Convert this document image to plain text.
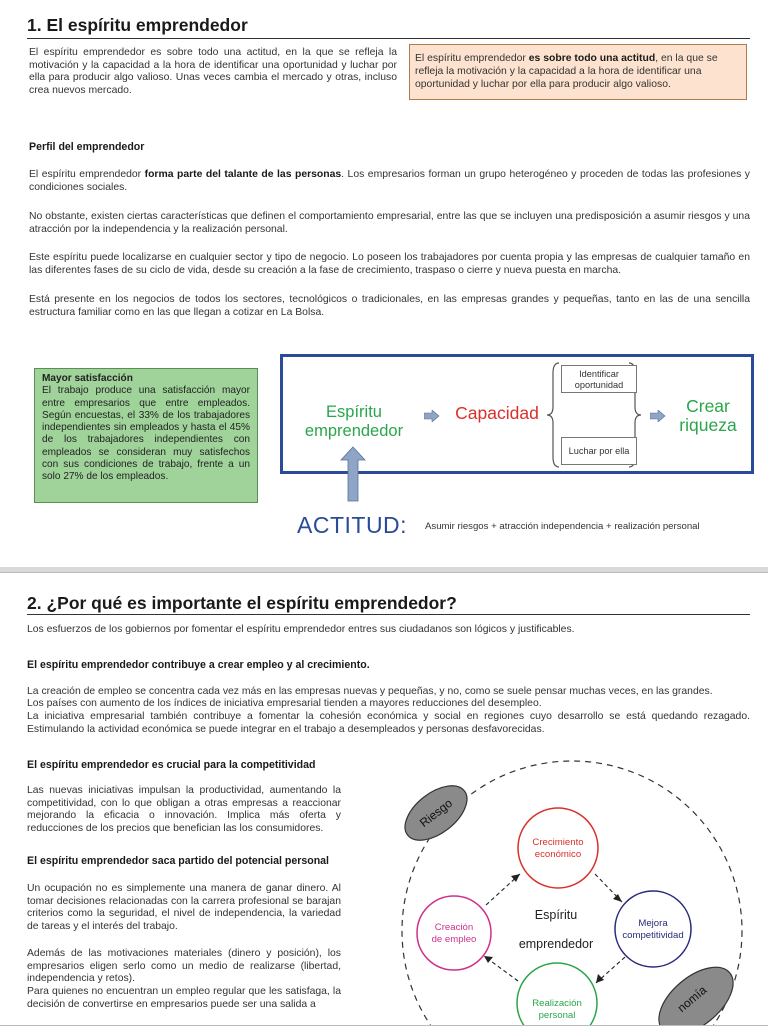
1. El espíritu emprendedor

El espíritu emprendedor es sobre todo una actitud, en la que se refleja la motivación y la capacidad a la hora de identificar una oportunidad y luchar por ella para producir algo valioso. Unas veces cambia el mercado y otras, incluso crea nuevos mercado.

El espíritu emprendedor es sobre todo una actitud, en la que se refleja la motivación y la capacidad a la hora de identificar una oportunidad y luchar por ella para producir algo valioso.
Perfil del emprendedor

El espíritu emprendedor forma parte del talante de las personas. Los empresarios forman un grupo heterogéneo y proceden de todas las profesiones y condiciones sociales.

No obstante, existen ciertas características que definen el comportamiento empresarial, entre las que se incluyen una predisposición a asumir riesgos y una atracción por la independencia y la realización personal.

Este espíritu puede localizarse en cualquier sector y tipo de negocio. Lo poseen los trabajadores por cuenta propia y las empresas de cualquier tamaño en las diferentes fases de su ciclo de vida, desde su creación a la fase de crecimiento, traspaso o cierre y nueva puesta en marcha.

Está presente en los negocios de todos los sectores, tecnológicos o tradicionales, en las empresas grandes y pequeñas, tanto en las de una sencilla estructura familiar como en las que llegan a cotizar en La Bolsa.

Mayor satisfacción
El trabajo produce una satisfacción mayor entre empresarios que entre empleados. Según encuestas, el 33% de los trabajadores independientes sin empleados y hasta el 45% de los trabajadores independientes con empleados se consideran muy satisfechos con sus condiciones de trabajo, frente a un solo 27% de los empleados.
Espíritu
emprendedor
Capacidad
Identificar oportunidad
Luchar por ella
Crear
riqueza
ACTITUD: Asumir riesgos + atracción independencia + realización personal
2. ¿Por qué es importante el espíritu emprendedor?

Los esfuerzos de los gobiernos por fomentar el espíritu emprendedor entres sus ciudadanos son lógicos y justificables.

El espíritu emprendedor contribuye a crear empleo y al crecimiento.

La creación de empleo se concentra cada vez más en las empresas nuevas y pequeñas, y no, como se suele pensar muchas veces, en las grandes.

Los países con aumento de los índices de iniciativa empresarial tienden a mayores reducciones del desempleo.

La iniciativa empresarial también contribuye a fomentar la cohesión económica y social en regiones cuyo desarrollo se está quedando rezagado. Estimulando la actividad económica se puede integrar en el trabajo a desempleados y personas desfavorecidas.

El espíritu emprendedor es crucial para la competitividad

Las nuevas iniciativas impulsan la productividad, aumentando la competitividad, con lo que obligan a otras empresas a reaccionar mejorando la eficacia o innovación. Implica más oferta y reducciones de los precios que benefician las los consumidores.

El espíritu emprendedor saca partido del potencial personal

Un ocupación no es simplemente una manera de ganar dinero. Al tomar decisiones relacionadas con la carrera profesional se barajan criterios como la seguridad, el nivel de independencia, la variedad de tareas y el interés del trabajo.

Además de las motivaciones materiales (dinero y posición), los empresarios eligen serlo como un medio de realizarse (libertad, independencia y retos).

Para quienes no encuentran un empleo regular que les satisfaga, la decisión de convertirse en empresarios puede ser una salida a

Riesgo
nomía
Crecimiento
económico
Creación
de empleo
Mejora
competitividad
Realización
personal
Espíritu
emprendedor
